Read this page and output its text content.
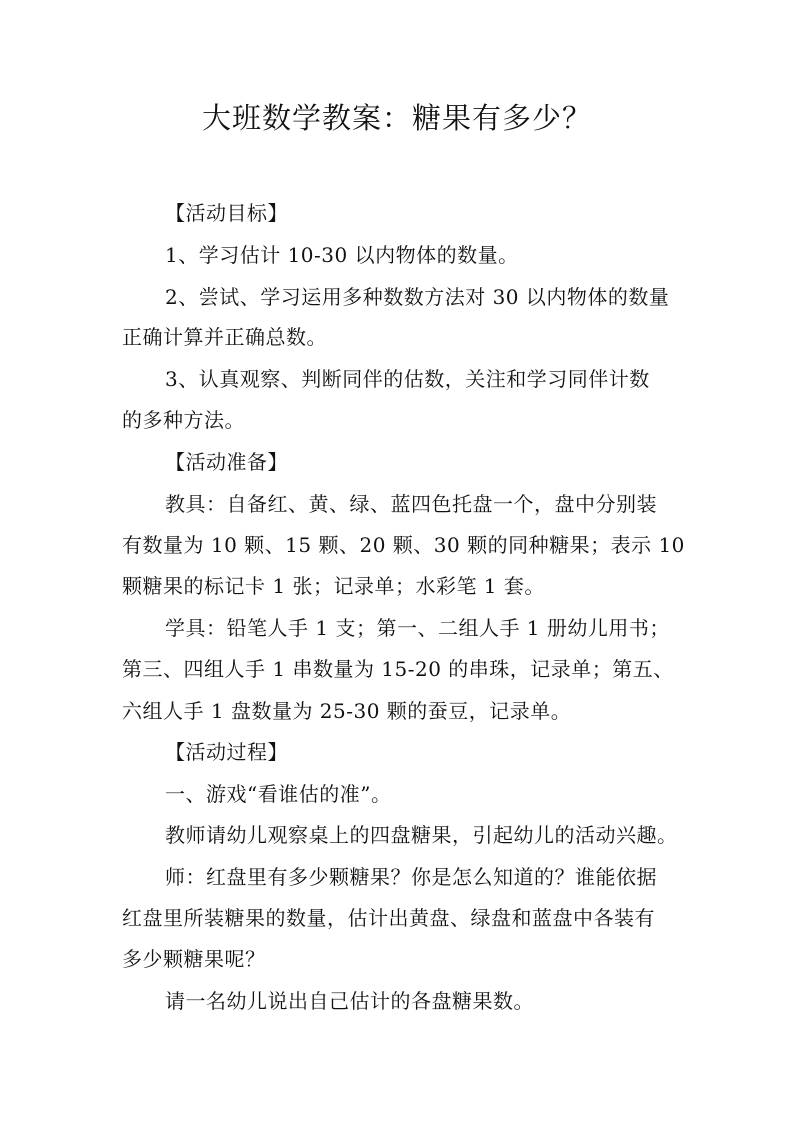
大班数学教案：糖果有多少？
【活动目标】
1、学习估计 10-30 以内物体的数量。
2、尝试、学习运用多种数数方法对 30 以内物体的数量
正确计算并正确总数。
3、认真观察、判断同伴的估数，关注和学习同伴计数
的多种方法。
【活动准备】
教具：自备红、黄、绿、蓝四色托盘一个，盘中分别装
有数量为 10 颗、15 颗、20 颗、30 颗的同种糖果；表示 10
颗糖果的标记卡 1 张；记录单；水彩笔 1 套。
学具：铅笔人手 1 支；第一、二组人手 1 册幼儿用书；
第三、四组人手 1 串数量为 15-20 的串珠，记录单；第五、
六组人手 1 盘数量为 25-30 颗的蚕豆，记录单。
【活动过程】
一、游戏“看谁估的准”。
教师请幼儿观察桌上的四盘糖果，引起幼儿的活动兴趣。
师：红盘里有多少颗糖果？你是怎么知道的？谁能依据
红盘里所装糖果的数量，估计出黄盘、绿盘和蓝盘中各装有
多少颗糖果呢？
请一名幼儿说出自己估计的各盘糖果数。
